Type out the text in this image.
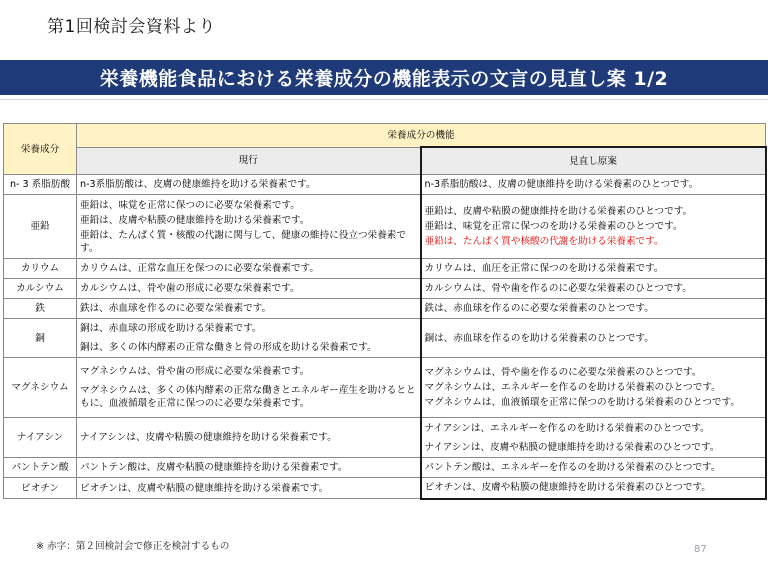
第1回検討会資料より
栄養機能食品における栄養成分の機能表示の文言の見直し案 1/2
栄養成分	栄養成分の機能	
	現行	見直し原案
n- 3 系脂肪酸	n-3系脂肪酸は、皮膚の健康維持を助ける栄養素です。	n-3系脂肪酸は、皮膚の健康維持を助ける栄養素のひとつです。

亜鉛	亜鉛は、味覚を正常に保つのに必要な栄養素です。
亜鉛は、皮膚や粘膜の健康維持を助ける栄養素です。
亜鉛は、たんぱく質・核酸の代謝に関与して、健康の維持に役立つ栄養素です。	亜鉛は、皮膚や粘膜の健康維持を助ける栄養素のひとつです。
亜鉛は、味覚を正常に保つのを助ける栄養素のひとつです。
亜鉛は、たんぱく質や核酸の代謝を助ける栄養素です。

カリウム	カリウムは、正常な血圧を保つのに必要な栄養素です。	カリウムは、血圧を正常に保つのを助ける栄養素です。

カルシウム	カルシウムは、骨や歯の形成に必要な栄養素です。	カルシウムは、骨や歯を作るのに必要な栄養素のひとつです。

鉄	鉄は、赤血球を作るのに必要な栄養素です。	鉄は、赤血球を作るのに必要な栄養素のひとつです。

銅	銅は、赤血球の形成を助ける栄養素です。
銅は、多くの体内酵素の正常な働きと骨の形成を助ける栄養素です。	銅は、赤血球を作るのを助ける栄養素のひとつです。

マグネシウム	マグネシウムは、骨や歯の形成に必要な栄養素です。
マグネシウムは、多くの体内酵素の正常な働きとエネルギー産生を助けるとともに、血液循環を正常に保つのに必要な栄養素です。	マグネシウムは、骨や歯を作るのに必要な栄養素のひとつです。
マグネシウムは、エネルギーを作るのを助ける栄養素のひとつです。
マグネシウムは、血液循環を正常に保つのを助ける栄養素のひとつです。

ナイアシン	ナイアシンは、皮膚や粘膜の健康維持を助ける栄養素です。	ナイアシンは、エネルギーを作るのを助ける栄養素のひとつです。
ナイアシンは、皮膚や粘膜の健康維持を助ける栄養素のひとつです。

パントテン酸	パントテン酸は、皮膚や粘膜の健康維持を助ける栄養素です。	パントテン酸は、エネルギーを作るのを助ける栄養素のひとつです。

ビオチン	ビオチンは、皮膚や粘膜の健康維持を助ける栄養素です。	ビオチンは、皮膚や粘膜の健康維持を助ける栄養素のひとつです。
※ 赤字：第２回検討会で修正を検討するもの	87
